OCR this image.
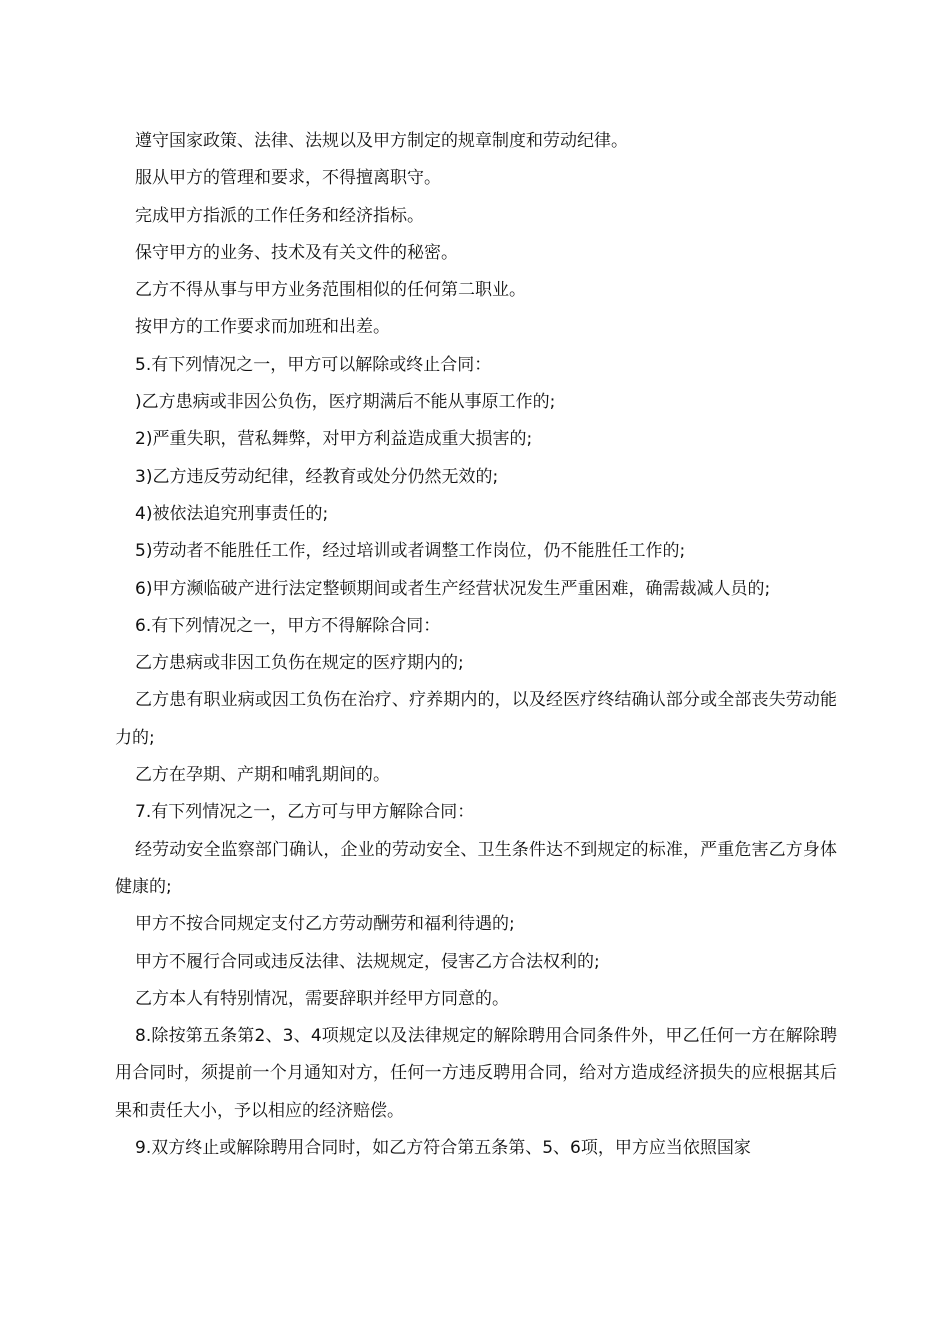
遵守国家政策、法律、法规以及甲方制定的规章制度和劳动纪律。

服从甲方的管理和要求，不得擅离职守。

完成甲方指派的工作任务和经济指标。

保守甲方的业务、技术及有关文件的秘密。

乙方不得从事与甲方业务范围相似的任何第二职业。

按甲方的工作要求而加班和出差。

5.有下列情况之一，甲方可以解除或终止合同：

)乙方患病或非因公负伤，医疗期满后不能从事原工作的;

2)严重失职，营私舞弊，对甲方利益造成重大损害的;

3)乙方违反劳动纪律，经教育或处分仍然无效的;

4)被依法追究刑事责任的;

5)劳动者不能胜任工作，经过培训或者调整工作岗位，仍不能胜任工作的;

6)甲方濒临破产进行法定整顿期间或者生产经营状况发生严重困难，确需裁减人员的;

6.有下列情况之一，甲方不得解除合同：

乙方患病或非因工负伤在规定的医疗期内的;

乙方患有职业病或因工负伤在治疗、疗养期内的，以及经医疗终结确认部分或全部丧失劳动能力的;

乙方在孕期、产期和哺乳期间的。

7.有下列情况之一，乙方可与甲方解除合同：

经劳动安全监察部门确认，企业的劳动安全、卫生条件达不到规定的标准，严重危害乙方身体健康的;

甲方不按合同规定支付乙方劳动酬劳和福利待遇的;

甲方不履行合同或违反法律、法规规定，侵害乙方合法权利的;

乙方本人有特别情况，需要辞职并经甲方同意的。

8.除按第五条第2、3、4项规定以及法律规定的解除聘用合同条件外，甲乙任何一方在解除聘用合同时，须提前一个月通知对方，任何一方违反聘用合同，给对方造成经济损失的应根据其后果和责任大小，予以相应的经济赔偿。

9.双方终止或解除聘用合同时，如乙方符合第五条第、5、6项，甲方应当依照国家
